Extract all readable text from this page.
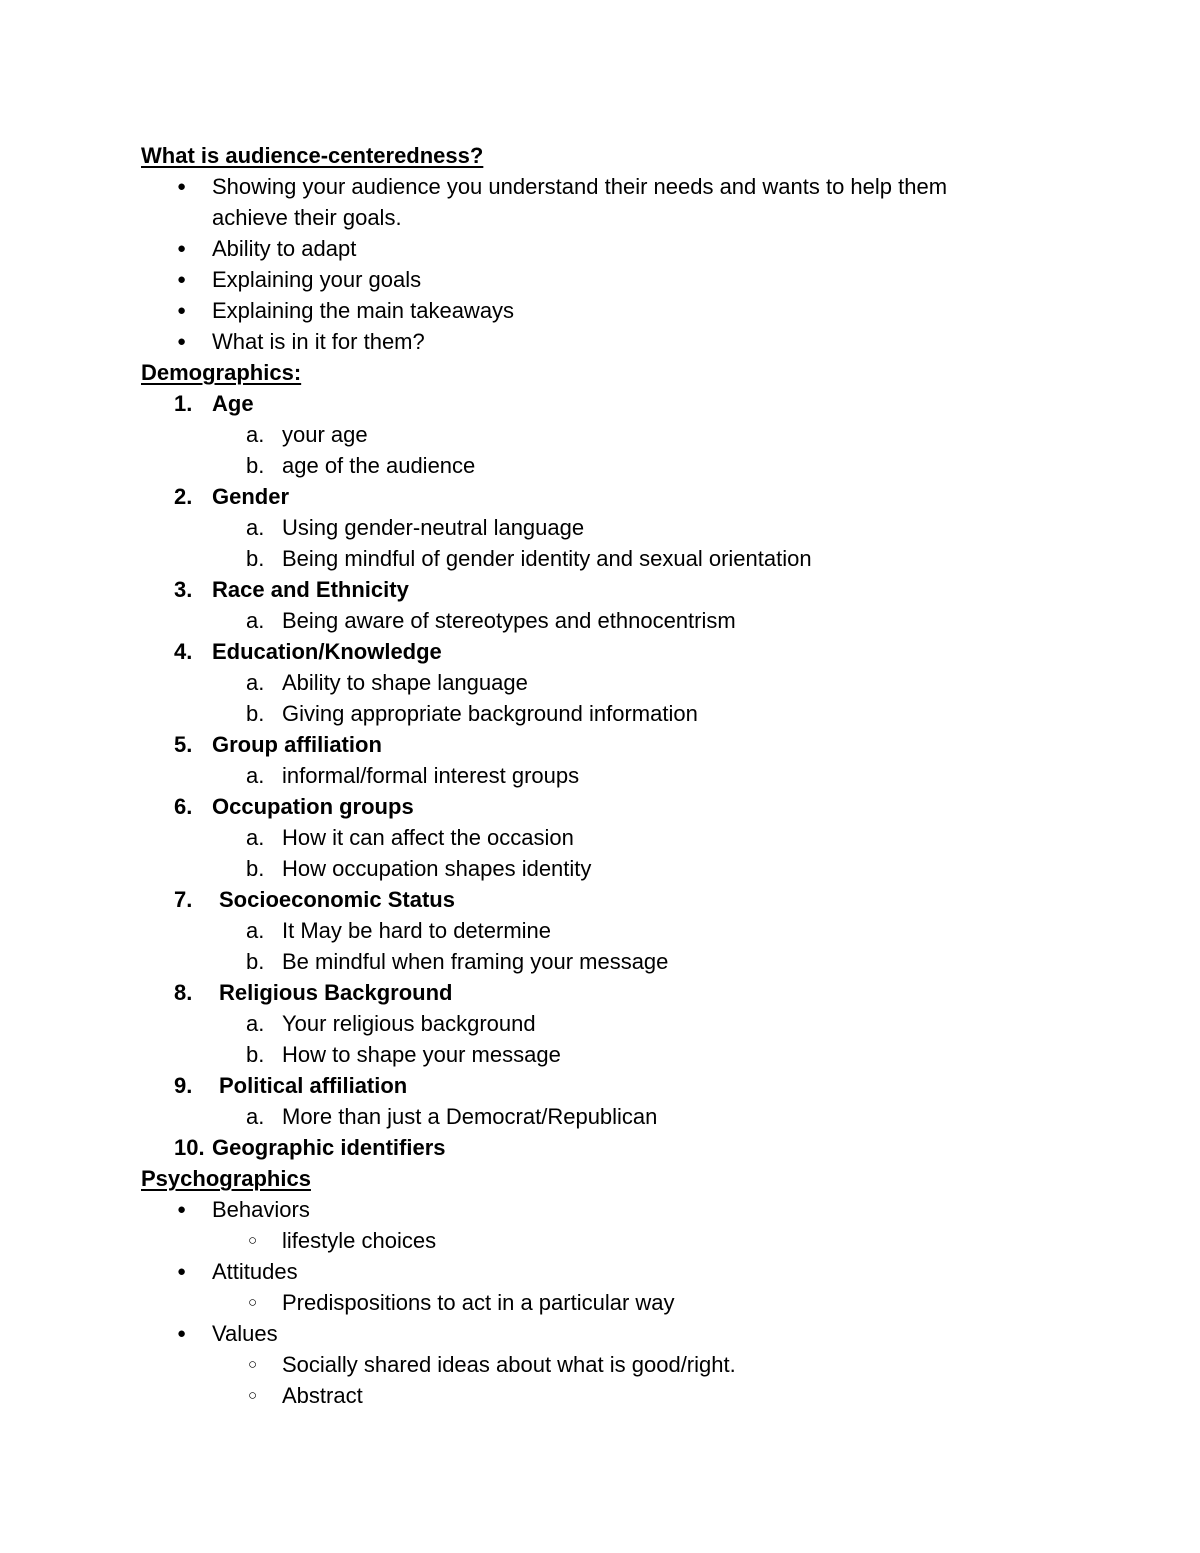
What is audience-centeredness?
● Showing your audience you understand their needs and wants to help them
achieve their goals.
● Ability to adapt
● Explaining your goals
● Explaining the main takeaways
● What is in it for them?
Demographics:
1. Age
a. your age
b. age of the audience
2. Gender
a. Using gender-neutral language
b. Being mindful of gender identity and sexual orientation
3. Race and Ethnicity
a. Being aware of stereotypes and ethnocentrism
4. Education/Knowledge
a. Ability to shape language
b. Giving appropriate background information
5. Group affiliation
a. informal/formal interest groups
6. Occupation groups
a. How it can affect the occasion
b. How occupation shapes identity
7. Socioeconomic Status
a. It May be hard to determine
b. Be mindful when framing your message
8. Religious Background
a. Your religious background
b. How to shape your message
9. Political affiliation
a. More than just a Democrat/Republican
10. Geographic identifiers
Psychographics
● Behaviors
○ lifestyle choices
● Attitudes
○ Predispositions to act in a particular way
● Values
○ Socially shared ideas about what is good/right.
○ Abstract
